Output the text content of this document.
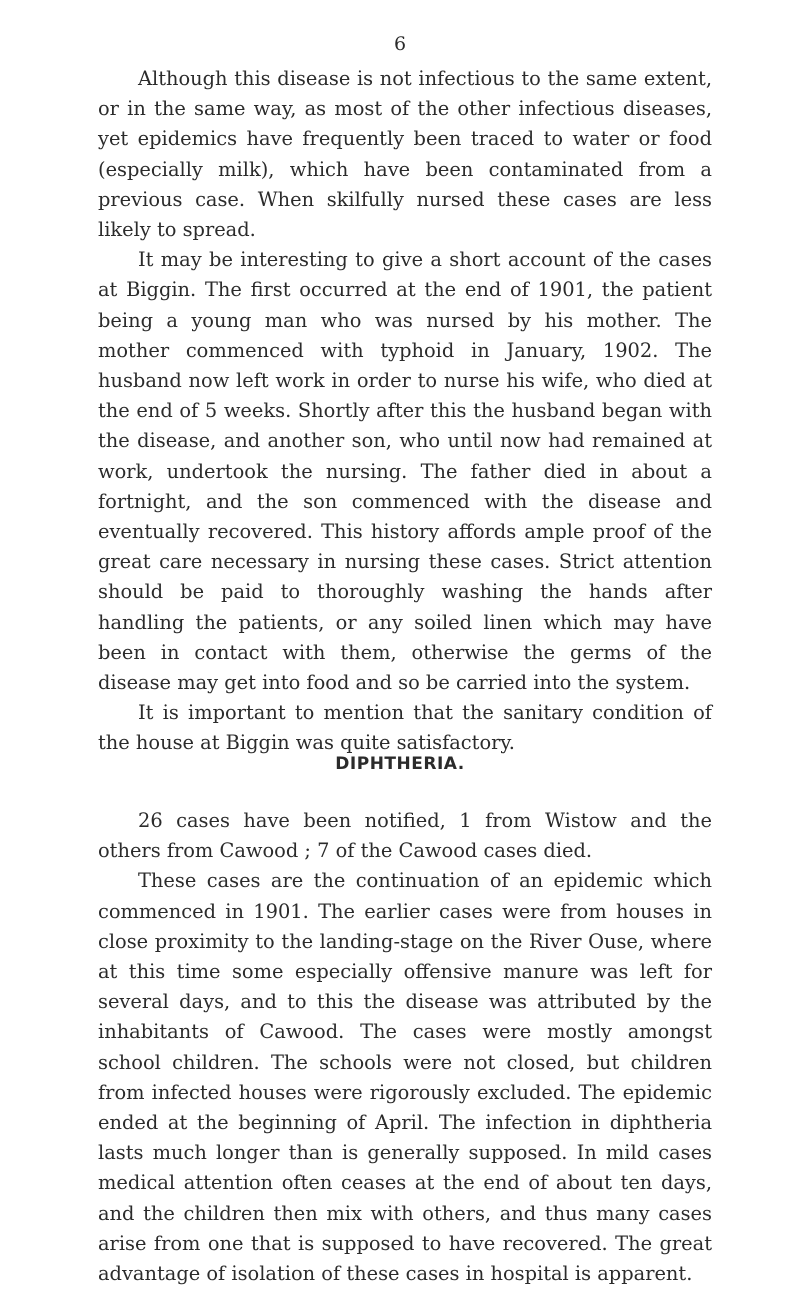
6

Although this disease is not infectious to the same extent, or in the same way, as most of the other infectious diseases, yet epidemics have frequently been traced to water or food (especially milk), which have been contaminated from a previous case. When skilfully nursed these cases are less likely to spread.

It may be interesting to give a short account of the cases at Biggin. The first occurred at the end of 1901, the patient being a young man who was nursed by his mother. The mother commenced with typhoid in January, 1902. The husband now left work in order to nurse his wife, who died at the end of 5 weeks. Shortly after this the husband began with the disease, and another son, who until now had remained at work, undertook the nursing. The father died in about a fortnight, and the son commenced with the disease and eventually recovered. This history affords ample proof of the great care necessary in nursing these cases. Strict attention should be paid to thoroughly washing the hands after handling the patients, or any soiled linen which may have been in contact with them, otherwise the germs of the disease may get into food and so be carried into the system.

It is important to mention that the sanitary condition of the house at Biggin was quite satisfactory.

DIPHTHERIA.

26 cases have been notified, 1 from Wistow and the others from Cawood ; 7 of the Cawood cases died.

These cases are the continuation of an epidemic which commenced in 1901. The earlier cases were from houses in close proximity to the landing-stage on the River Ouse, where at this time some especially offensive manure was left for several days, and to this the disease was attributed by the inhabitants of Cawood. The cases were mostly amongst school children. The schools were not closed, but children from infected houses were rigorously excluded. The epidemic ended at the beginning of April. The infection in diphtheria lasts much longer than is generally supposed. In mild cases medical attention often ceases at the end of about ten days, and the children then mix with others, and thus many cases arise from one that is supposed to have recovered. The great advantage of isolation of these cases in hospital is apparent.
